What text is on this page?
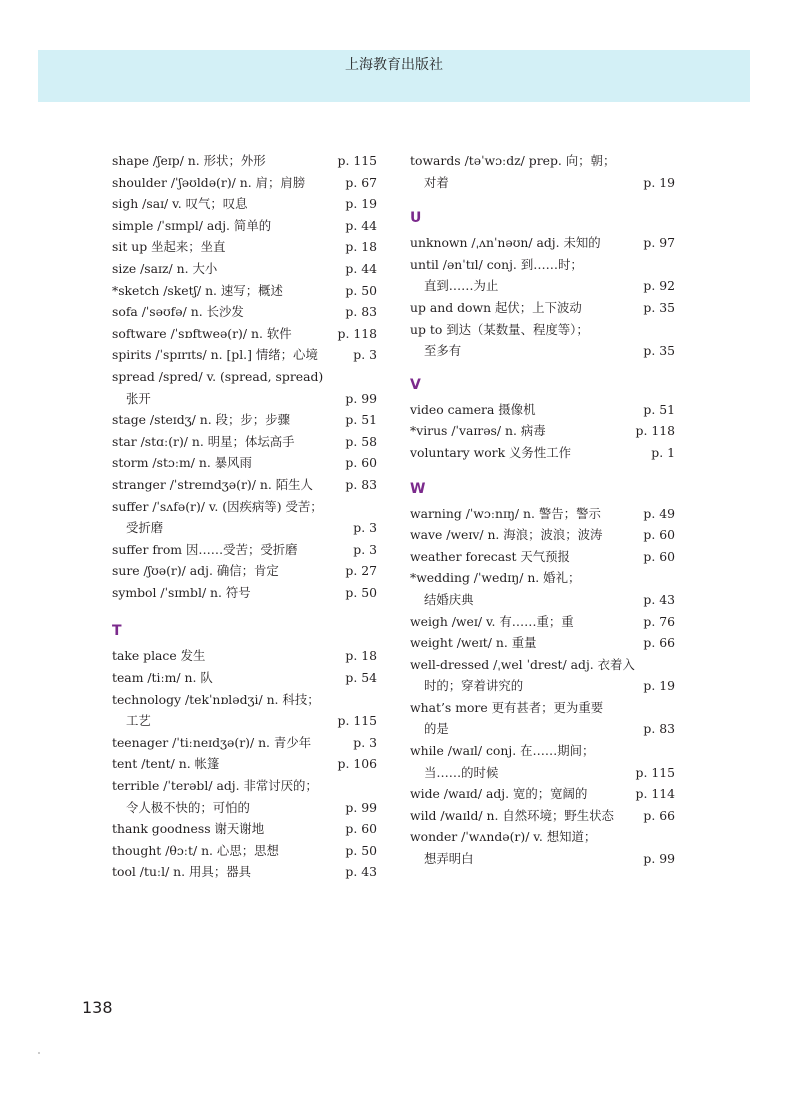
上海教育出版社
shape /ʃeɪp/ n. 形状；外形	p. 115
shoulder /ˈʃəʊldə(r)/ n. 肩；肩膀	p. 67
sigh /saɪ/ v. 叹气；叹息	p. 19
simple /ˈsɪmpl/ adj. 简单的	p. 44
sit up 坐起来；坐直	p. 18
size /saɪz/ n. 大小	p. 44
*sketch /sketʃ/ n. 速写；概述	p. 50
sofa /ˈsəʊfə/ n. 长沙发	p. 83
software /ˈsɒftweə(r)/ n. 软件	p. 118
spirits /ˈspɪrɪts/ n. [pl.] 情绪；心境	p. 3
spread /spred/ v. (spread, spread)
张开	p. 99
stage /steɪdʒ/ n. 段；步；步骤	p. 51
star /stɑː(r)/ n. 明星；体坛高手	p. 58
storm /stɔːm/ n. 暴风雨	p. 60
stranger /ˈstreɪndʒə(r)/ n. 陌生人	p. 83
suffer /ˈsʌfə(r)/ v. (因疾病等) 受苦；
受折磨	p. 3
suffer from 因……受苦；受折磨	p. 3
sure /ʃʊə(r)/ adj. 确信；肯定	p. 27
symbol /ˈsɪmbl/ n. 符号	p. 50
T
take place 发生	p. 18
team /tiːm/ n. 队	p. 54
technology /tekˈnɒlədʒi/ n. 科技；
工艺	p. 115
teenager /ˈtiːneɪdʒə(r)/ n. 青少年	p. 3
tent /tent/ n. 帐篷	p. 106
terrible /ˈterəbl/ adj. 非常讨厌的；
令人极不快的；可怕的	p. 99
thank goodness 谢天谢地	p. 60
thought /θɔːt/ n. 心思；思想	p. 50
tool /tuːl/ n. 用具；器具	p. 43
towards /təˈwɔːdz/ prep. 向；朝；
对着	p. 19
U
unknown /ˌʌnˈnəʊn/ adj. 未知的	p. 97
until /ənˈtɪl/ conj. 到……时；
直到……为止	p. 92
up and down 起伏；上下波动	p. 35
up to 到达（某数量、程度等）；
至多有	p. 35
V
video camera 摄像机	p. 51
*virus /ˈvaɪrəs/ n. 病毒	p. 118
voluntary work 义务性工作	p. 1
W
warning /ˈwɔːnɪŋ/ n. 警告；警示	p. 49
wave /weɪv/ n. 海浪；波浪；波涛	p. 60
weather forecast 天气预报	p. 60
*wedding /ˈwedɪŋ/ n. 婚礼；
结婚庆典	p. 43
weigh /weɪ/ v. 有……重；重	p. 76
weight /weɪt/ n. 重量	p. 66
well-dressed /ˌwel ˈdrest/ adj. 衣着入
时的；穿着讲究的	p. 19
what’s more 更有甚者；更为重要
的是	p. 83
while /waɪl/ conj. 在……期间；
当……的时候	p. 115
wide /waɪd/ adj. 宽的；宽阔的	p. 114
wild /waɪld/ n. 自然环境；野生状态	p. 66
wonder /ˈwʌndə(r)/ v. 想知道；
想弄明白	p. 99
138
